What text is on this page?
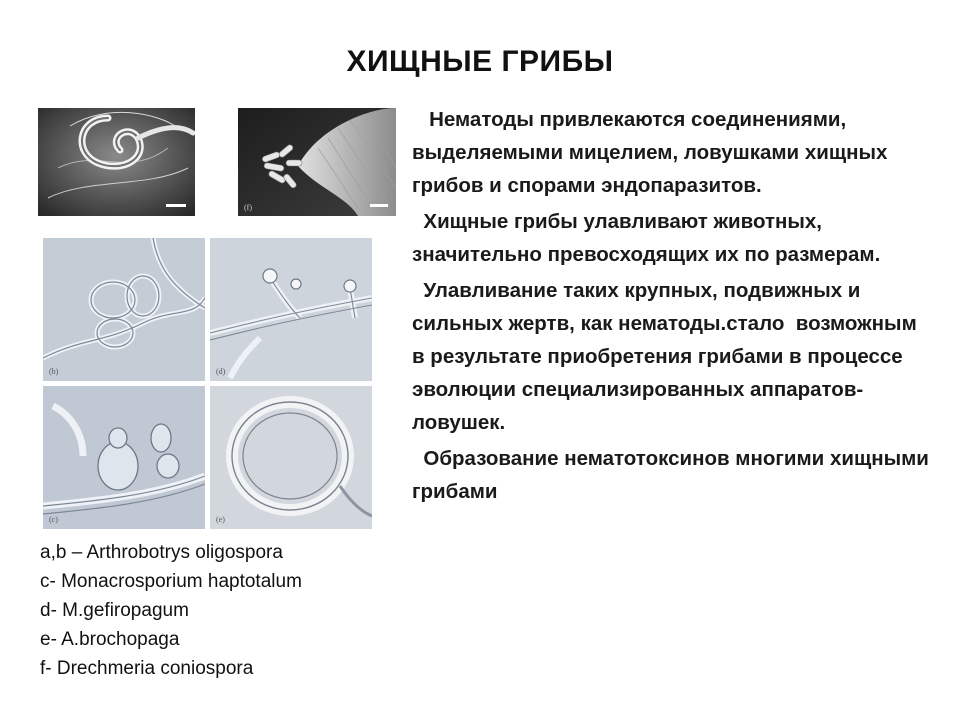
ХИЩНЫЕ ГРИБЫ
(f)
(b)	(d)
(c)	(e)
a,b – Arthrobotrys oligospora
c- Monacrosporium haptotalum
d- M.gefiropagum
e- A.brochopaga
f- Drechmeria coniospora

Нематоды привлекаются соединениями, выделяемыми мицелием, ловушками хищных грибов и спорами эндопаразитов.

Хищные грибы улавливают животных, значительно превосходящих их по размерам.

Улавливание таких крупных, подвижных и сильных жертв, как нематоды.стало  возможным в результате приобретения грибами в процессе эволюции специализированных аппаратов-ловушек.

Образование нематотоксинов многими хищными грибами
